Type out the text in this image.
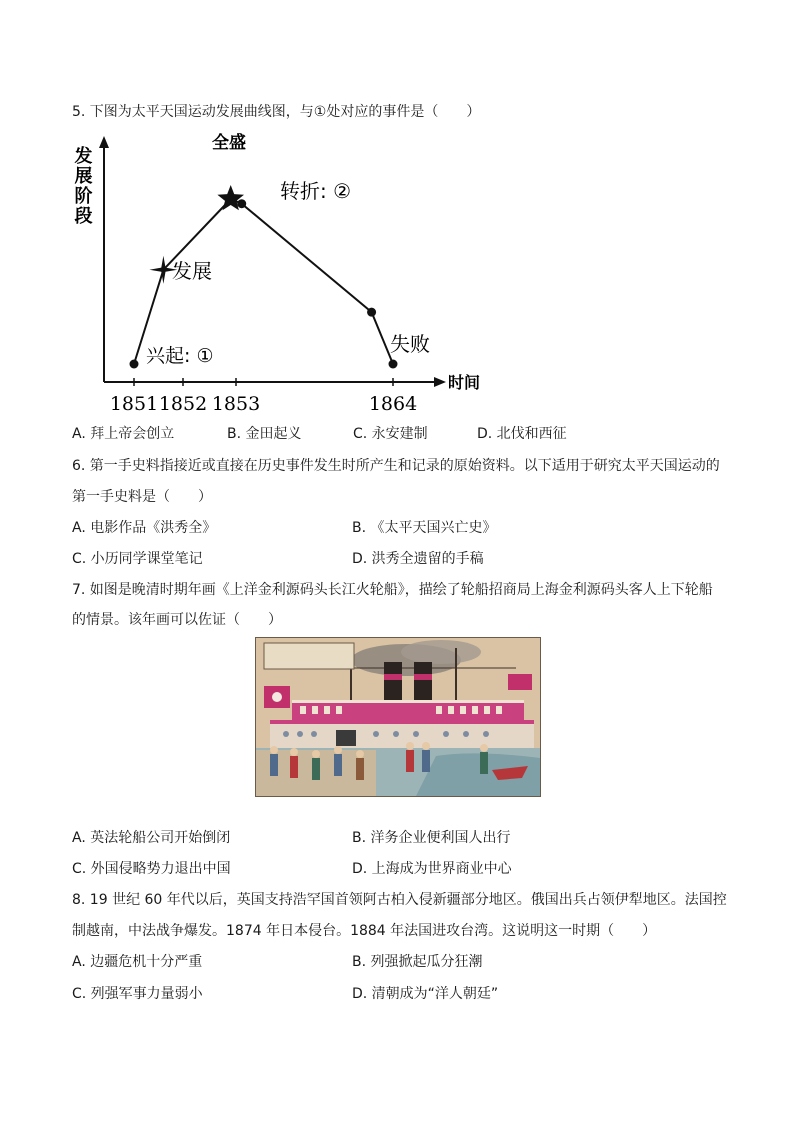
5. 下图为太平天国运动发展曲线图，与①处对应的事件是（　　）
发展阶段
时间
1851 1852 1853	1864
兴起: ①
发展
全盛
转折: ②
失败
A. 拜上帝会创立	B. 金田起义	C. 永安建制	D. 北伐和西征
6. 第一手史料指接近或直接在历史事件发生时所产生和记录的原始资料。以下适用于研究太平天国运动的
第一手史料是（　　）
A. 电影作品《洪秀全》	B. 《太平天国兴亡史》
C. 小历同学课堂笔记	D. 洪秀全遗留的手稿
7. 如图是晚清时期年画《上洋金利源码头长江火轮船》，描绘了轮船招商局上海金利源码头客人上下轮船
的情景。该年画可以佐证（　　）
A. 英法轮船公司开始倒闭	B. 洋务企业便利国人出行
C. 外国侵略势力退出中国	D. 上海成为世界商业中心
8. 19 世纪 60 年代以后，英国支持浩罕国首领阿古柏入侵新疆部分地区。俄国出兵占领伊犁地区。法国控
制越南，中法战争爆发。1874 年日本侵台。1884 年法国进攻台湾。这说明这一时期（　　）
A. 边疆危机十分严重	B. 列强掀起瓜分狂潮
C. 列强军事力量弱小	D. 清朝成为“洋人朝廷”
